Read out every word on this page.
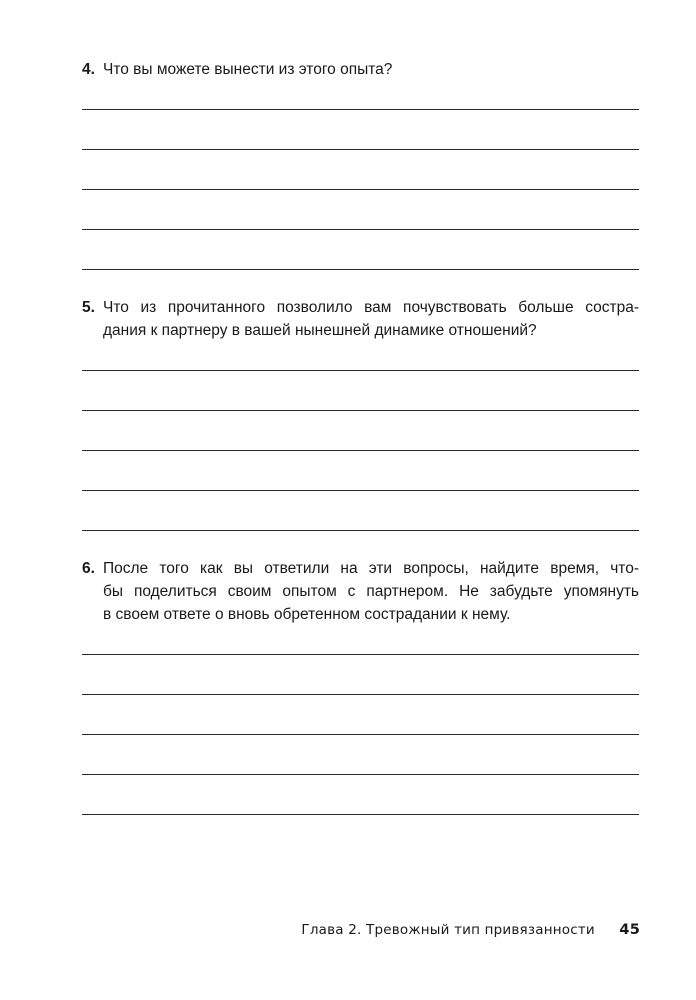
4. Что вы можете вынести из этого опыта?
5. Что из прочитанного позволило вам почувствовать больше состра-
дания к партнеру в вашей нынешней динамике отношений?
6. После того как вы ответили на эти вопросы, найдите время, что-
бы поделиться своим опытом с партнером. Не забудьте упомянуть
в своем ответе о вновь обретенном сострадании к нему.
Глава 2. Тревожный тип привязанности 45
